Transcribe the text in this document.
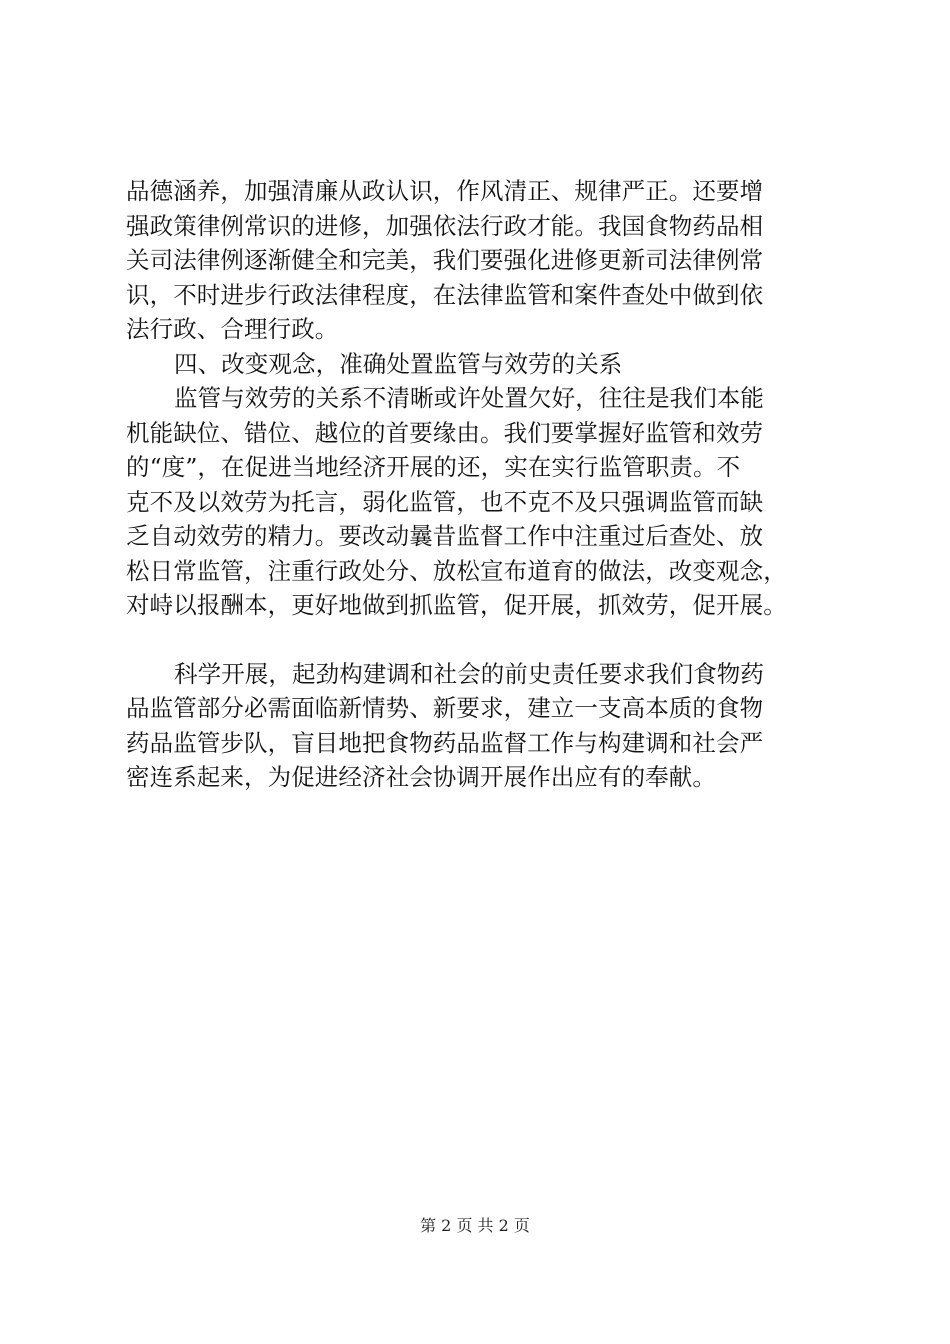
品德涵养，加强清廉从政认识，作风清正、规律严正。还要增
强政策律例常识的进修，加强依法行政才能。我国食物药品相
关司法律例逐渐健全和完美，我们要强化进修更新司法律例常
识，不时进步行政法律程度，在法律监管和案件查处中做到依
法行政、合理行政。
四、改变观念，准确处置监管与效劳的关系
监管与效劳的关系不清晰或许处置欠好，往往是我们本能
机能缺位、错位、越位的首要缘由。我们要掌握好监管和效劳
的“度”，在促进当地经济开展的还，实在实行监管职责。不
克不及以效劳为托言，弱化监管，也不克不及只强调监管而缺
乏自动效劳的精力。要改动曩昔监督工作中注重过后查处、放
松日常监管，注重行政处分、放松宣布道育的做法，改变观念，
对峙以报酬本，更好地做到抓监管，促开展，抓效劳，促开展。
科学开展，起劲构建调和社会的前史责任要求我们食物药
品监管部分必需面临新情势、新要求，建立一支高本质的食物
药品监管步队，盲目地把食物药品监督工作与构建调和社会严
密连系起来，为促进经济社会协调开展作出应有的奉献。
第 2 页 共 2 页
